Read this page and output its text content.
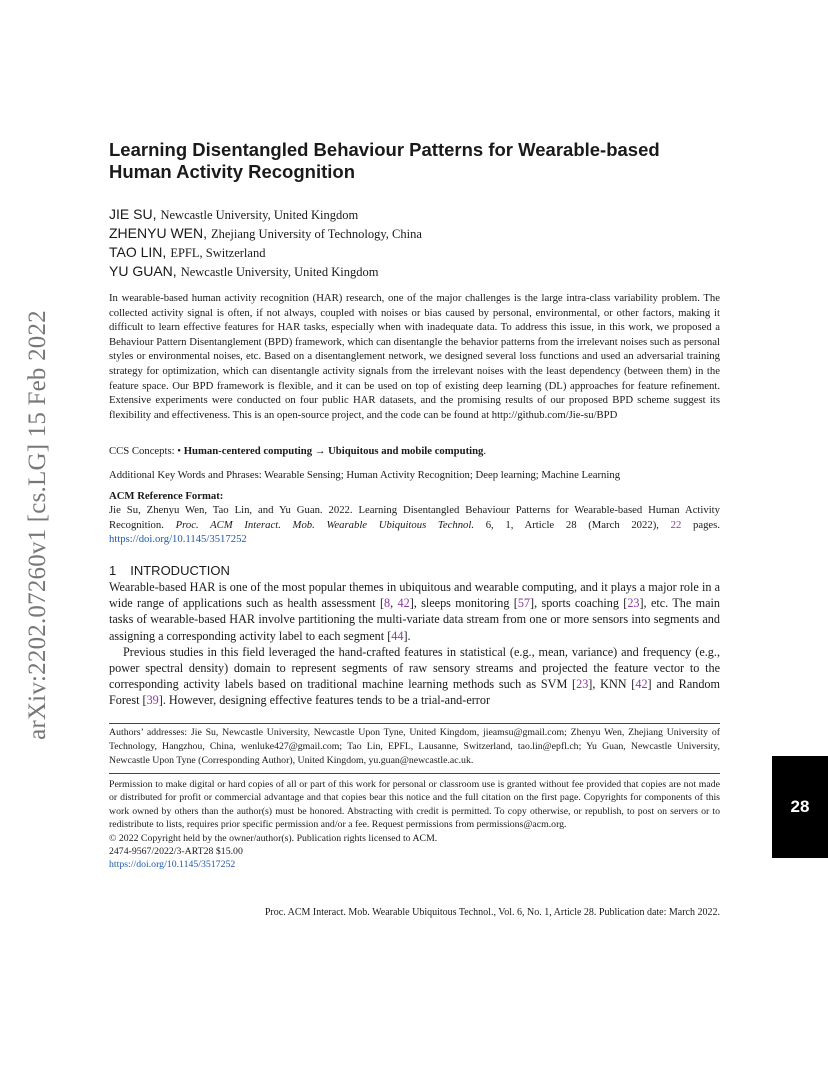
arXiv:2202.07260v1 [cs.LG] 15 Feb 2022
Learning Disentangled Behaviour Patterns for Wearable-based
Human Activity Recognition
JIE SU, Newcastle University, United Kingdom
ZHENYU WEN, Zhejiang University of Technology, China
TAO LIN, EPFL, Switzerland
YU GUAN, Newcastle University, United Kingdom
In wearable-based human activity recognition (HAR) research, one of the major challenges is the large intra-class variability problem. The collected activity signal is often, if not always, coupled with noises or bias caused by personal, environmental, or other factors, making it difficult to learn effective features for HAR tasks, especially when with inadequate data. To address this issue, in this work, we proposed a Behaviour Pattern Disentanglement (BPD) framework, which can disentangle the behavior patterns from the irrelevant noises such as personal styles or environmental noises, etc. Based on a disentanglement network, we designed several loss functions and used an adversarial training strategy for optimization, which can disentangle activity signals from the irrelevant noises with the least dependency (between them) in the feature space. Our BPD framework is flexible, and it can be used on top of existing deep learning (DL) approaches for feature refinement. Extensive experiments were conducted on four public HAR datasets, and the promising results of our proposed BPD scheme suggest its flexibility and effectiveness. This is an open-source project, and the code can be found at http://github.com/Jie-su/BPD
CCS Concepts: • Human-centered computing → Ubiquitous and mobile computing.
Additional Key Words and Phrases: Wearable Sensing; Human Activity Recognition; Deep learning; Machine Learning
ACM Reference Format:
Jie Su, Zhenyu Wen, Tao Lin, and Yu Guan. 2022. Learning Disentangled Behaviour Patterns for Wearable-based Human Activity Recognition. Proc. ACM Interact. Mob. Wearable Ubiquitous Technol. 6, 1, Article 28 (March 2022), 22 pages. https://doi.org/10.1145/3517252
1 INTRODUCTION

Wearable-based HAR is one of the most popular themes in ubiquitous and wearable computing, and it plays a major role in a wide range of applications such as health assessment [8, 42], sleeps monitoring [57], sports coaching [23], etc. The main tasks of wearable-based HAR involve partitioning the multi-variate data stream from one or more sensors into segments and assigning a corresponding activity label to each segment [44].

Previous studies in this field leveraged the hand-crafted features in statistical (e.g., mean, variance) and frequency (e.g., power spectral density) domain to represent segments of raw sensory streams and projected the feature vector to the corresponding activity labels based on traditional machine learning methods such as SVM [23], KNN [42] and Random Forest [39]. However, designing effective features tends to be a trial-and-error

Authors’ addresses: Jie Su, Newcastle University, Newcastle Upon Tyne, United Kingdom, jieamsu@gmail.com; Zhenyu Wen, Zhejiang University of Technology, Hangzhou, China, wenluke427@gmail.com; Tao Lin, EPFL, Lausanne, Switzerland, tao.lin@epfl.ch; Yu Guan, Newcastle University, Newcastle Upon Tyne (Corresponding Author), United Kingdom, yu.guan@newcastle.ac.uk.
Permission to make digital or hard copies of all or part of this work for personal or classroom use is granted without fee provided that copies are not made or distributed for profit or commercial advantage and that copies bear this notice and the full citation on the first page. Copyrights for components of this work owned by others than the author(s) must be honored. Abstracting with credit is permitted. To copy otherwise, or republish, to post on servers or to redistribute to lists, requires prior specific permission and/or a fee. Request permissions from permissions@acm.org.
© 2022 Copyright held by the owner/author(s). Publication rights licensed to ACM.
2474-9567/2022/3-ART28 $15.00
https://doi.org/10.1145/3517252
28
Proc. ACM Interact. Mob. Wearable Ubiquitous Technol., Vol. 6, No. 1, Article 28. Publication date: March 2022.
